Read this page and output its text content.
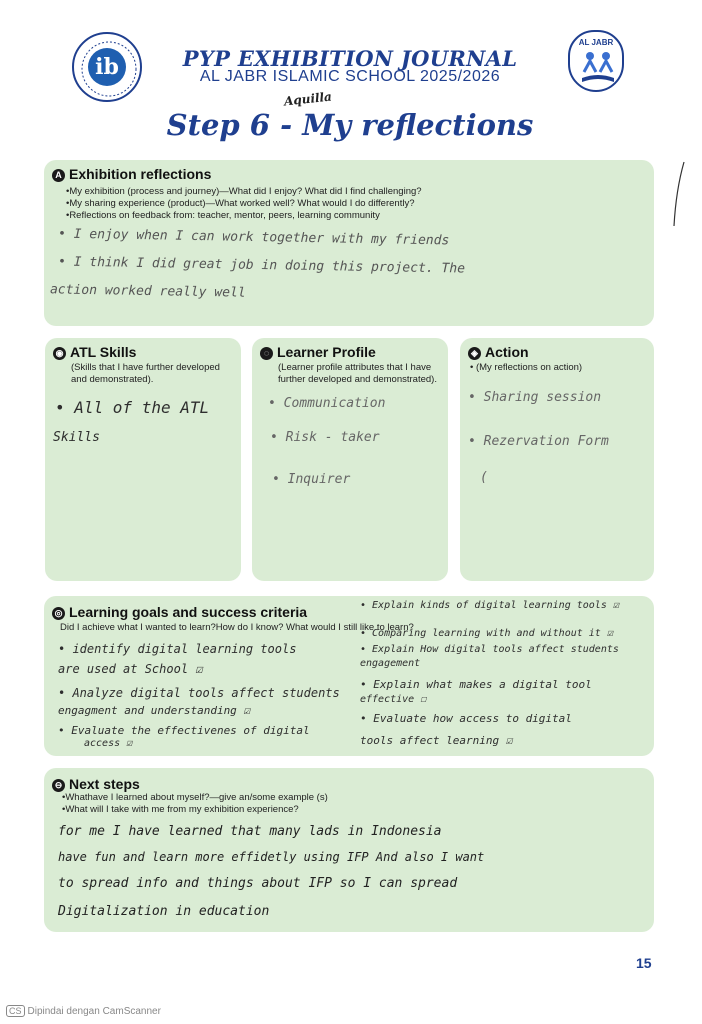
ib	PYP EXHIBITION JOURNAL
AL JABR ISLAMIC SCHOOL 2025/2026
Aquilla
Step 6 - My reflections
AL JABR
A Exhibition reflections
•My exhibition (process and journey)—What did I enjoy? What did I find challenging?
•My sharing experience (product)—What worked well? What would I do differently?
•Reflections on feedback from: teacher, mentor, peers, learning community
• I enjoy when I can work together with my friends
• I think I did great job in doing this project. The
action worked really well
◉ ATL Skills
(Skills that I have further developed
and demonstrated).
• All of the ATL
Skills
◌ Learner Profile
(Learner profile attributes that I have
further developed and demonstrated).
• Communication
• Risk - taker
• Inquirer
◈ Action
• (My reflections on action)
• Sharing session
• Rezervation Form
(
◎ Learning goals and success criteria
Did I achieve what I wanted to learn?How do I know? What would I still like to learn?
• identify digital learning tools
are used at School ☑
• Analyze digital tools affect students
engagment and understanding ☑
• Evaluate the effectivenes of digital
access ☑
• Explain kinds of digital learning tools ☑
• Comparing learning with and without it ☑
• Explain How digital tools affect students
engagement
• Explain what makes a digital tool
effective ☐
• Evaluate how access to digital
tools affect learning ☑
⊖ Next steps
•Whathave I learned about myself?—give an/some example (s)
•What will I take with me from my exhibition experience?
for me I have learned that many lads in Indonesia
have fun and learn more effidetly using IFP And also I want
to spread info and things about IFP so I can spread
Digitalization in education
15
CS Dipindai dengan CamScanner
